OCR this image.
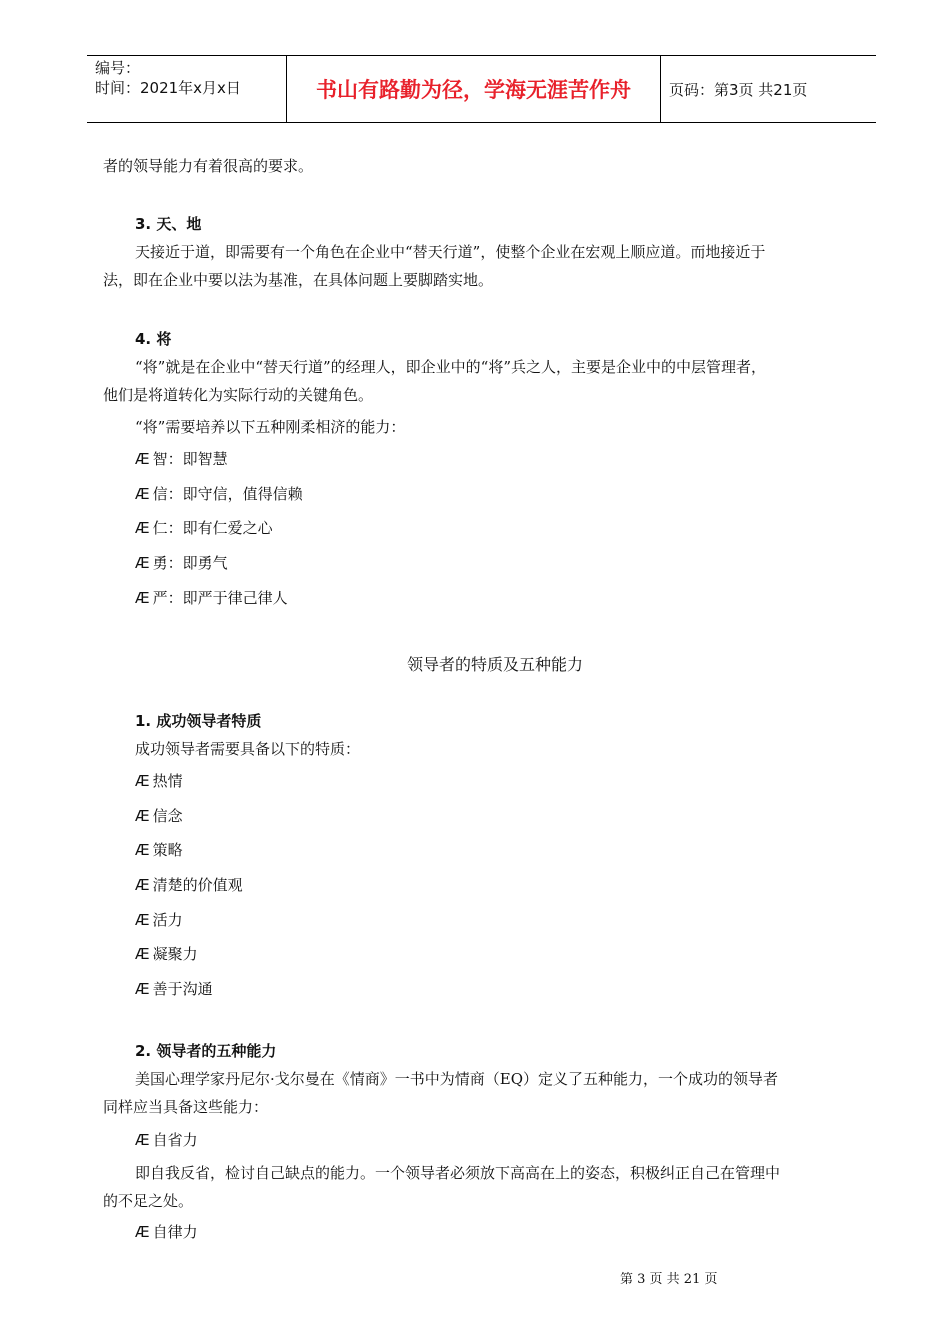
编号：
时间：2021年x月x日	书山有路勤为径，学海无涯苦作舟	页码：第3页 共21页
者的领导能力有着很高的要求。
3. 天、地
天接近于道，即需要有一个角色在企业中“替天行道”，使整个企业在宏观上顺应道。而地接近于
法，即在企业中要以法为基准，在具体问题上要脚踏实地。
4. 将
“将”就是在企业中“替天行道”的经理人，即企业中的“将”兵之人，主要是企业中的中层管理者，
他们是将道转化为实际行动的关键角色。
“将”需要培养以下五种刚柔相济的能力：
Æ 智：即智慧
Æ 信：即守信，值得信赖
Æ 仁：即有仁爱之心
Æ 勇：即勇气
Æ 严：即严于律己律人
领导者的特质及五种能力
1. 成功领导者特质
成功领导者需要具备以下的特质：
Æ 热情
Æ 信念
Æ 策略
Æ 清楚的价值观
Æ 活力
Æ 凝聚力
Æ 善于沟通
2. 领导者的五种能力
美国心理学家丹尼尔·戈尔曼在《情商》一书中为情商（EQ）定义了五种能力，一个成功的领导者
同样应当具备这些能力：
Æ 自省力
即自我反省，检讨自己缺点的能力。一个领导者必须放下高高在上的姿态，积极纠正自己在管理中
的不足之处。
Æ 自律力
第 3 页 共 21 页
